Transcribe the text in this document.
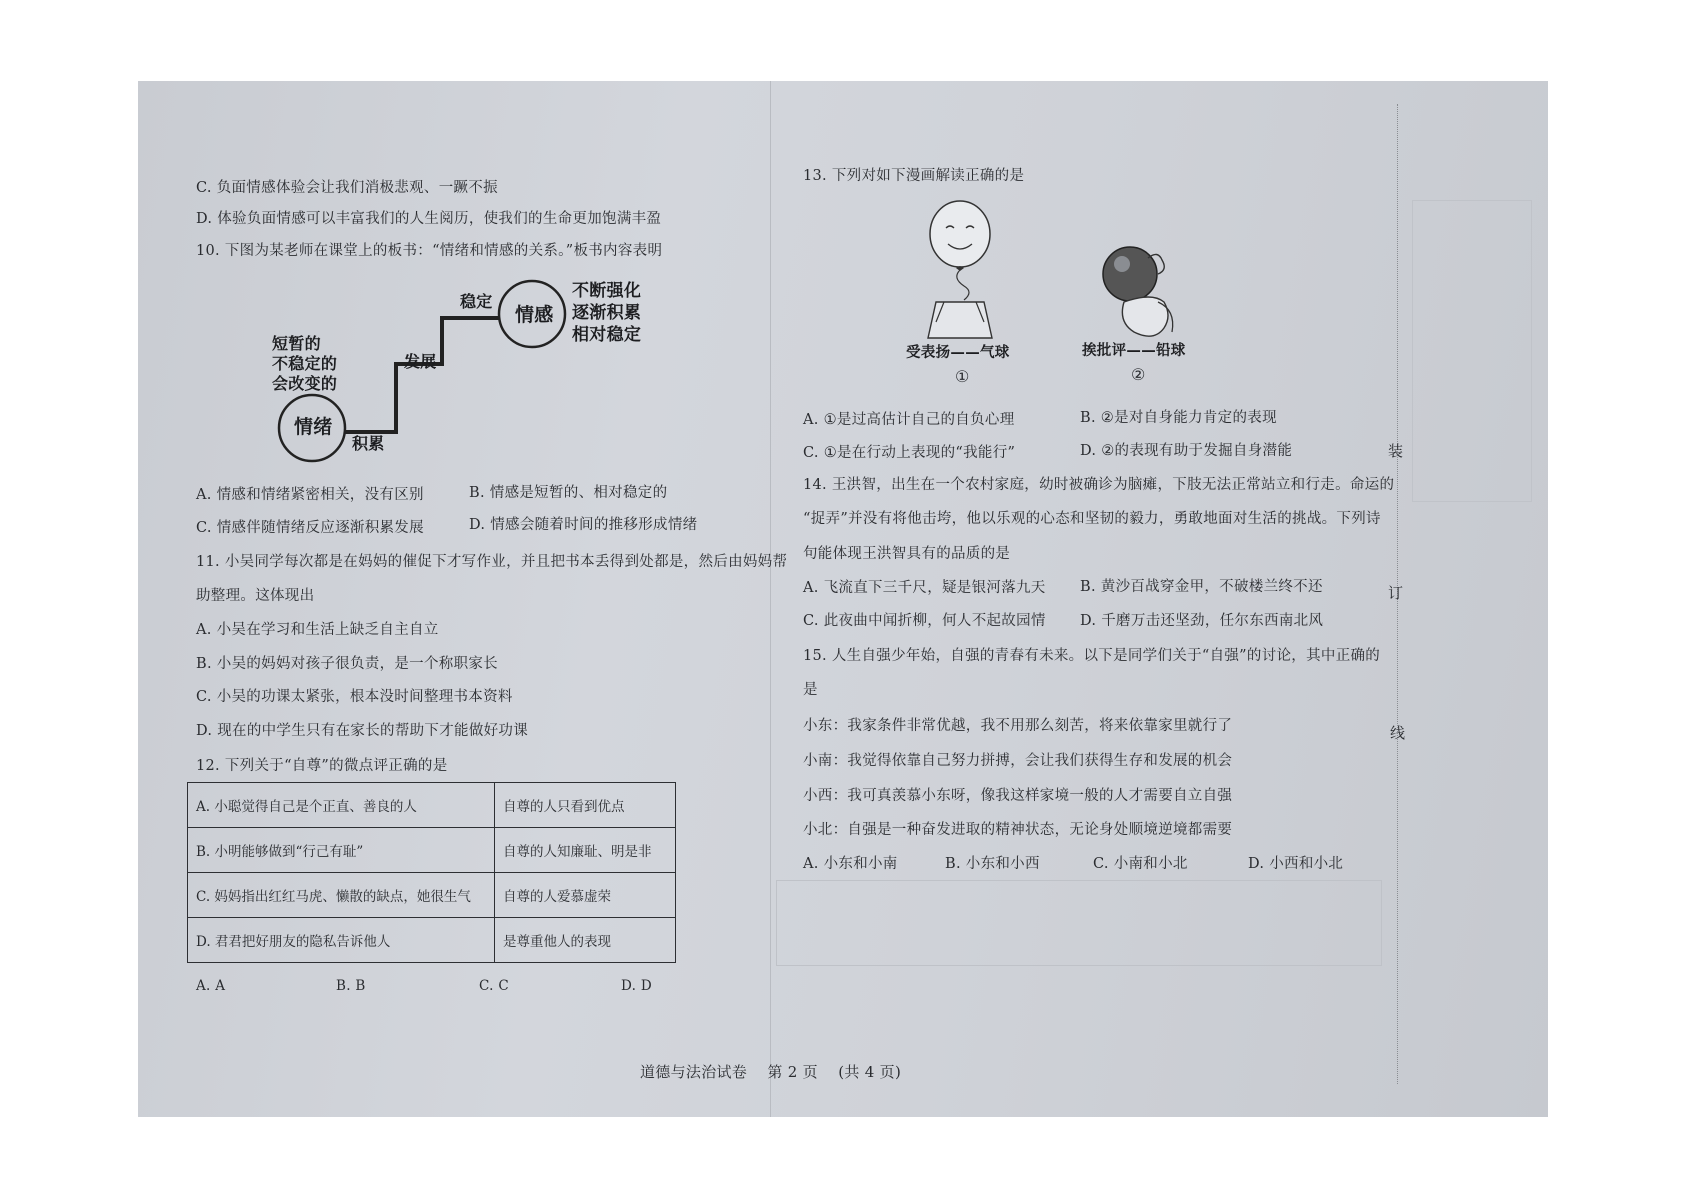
C. 负面情感体验会让我们消极悲观、一蹶不振
D. 体验负面情感可以丰富我们的人生阅历，使我们的生命更加饱满丰盈
10. 下图为某老师在课堂上的板书：“情绪和情感的关系。”板书内容表明
情绪
情感
短暂的
不稳定的
会改变的
不断强化
逐渐积累
相对稳定
积累
发展
稳定
A. 情感和情绪紧密相关，没有区别	B. 情感是短暂的、相对稳定的
C. 情感伴随情绪反应逐渐积累发展	D. 情感会随着时间的推移形成情绪
11. 小吴同学每次都是在妈妈的催促下才写作业，并且把书本丢得到处都是，然后由妈妈帮
助整理。这体现出
A. 小吴在学习和生活上缺乏自主自立
B. 小吴的妈妈对孩子很负责，是一个称职家长
C. 小吴的功课太紧张，根本没时间整理书本资料
D. 现在的中学生只有在家长的帮助下才能做好功课
12. 下列关于“自尊”的微点评正确的是
A. 小聪觉得自己是个正直、善良的人	自尊的人只看到优点
B. 小明能够做到“行己有耻”	自尊的人知廉耻、明是非
C. 妈妈指出红红马虎、懒散的缺点，她很生气	自尊的人爱慕虚荣
D. 君君把好朋友的隐私告诉他人	是尊重他人的表现
A. A	B. B	C. C	D. D
道德与法治试卷    第 2 页    (共 4 页)
13. 下列对如下漫画解读正确的是
受表扬——气球
①
挨批评——铅球
②
A. ①是过高估计自己的自负心理	B. ②是对自身能力肯定的表现
C. ①是在行动上表现的“我能行”	D. ②的表现有助于发掘自身潜能
14. 王洪智，出生在一个农村家庭，幼时被确诊为脑瘫，下肢无法正常站立和行走。命运的
“捉弄”并没有将他击垮，他以乐观的心态和坚韧的毅力，勇敢地面对生活的挑战。下列诗
句能体现王洪智具有的品质的是
A. 飞流直下三千尺，疑是银河落九天 B. 黄沙百战穿金甲，不破楼兰终不还
C. 此夜曲中闻折柳，何人不起故园情 D. 千磨万击还坚劲，任尔东西南北风
15. 人生自强少年始，自强的青春有未来。以下是同学们关于“自强”的讨论，其中正确的
是
小东：我家条件非常优越，我不用那么刻苦，将来依靠家里就行了
小南：我觉得依靠自己努力拼搏，会让我们获得生存和发展的机会
小西：我可真羡慕小东呀，像我这样家境一般的人才需要自立自强
小北：自强是一种奋发进取的精神状态，无论身处顺境逆境都需要
A. 小东和小南	B. 小东和小西	C. 小南和小北	D. 小西和小北
装
订
线
